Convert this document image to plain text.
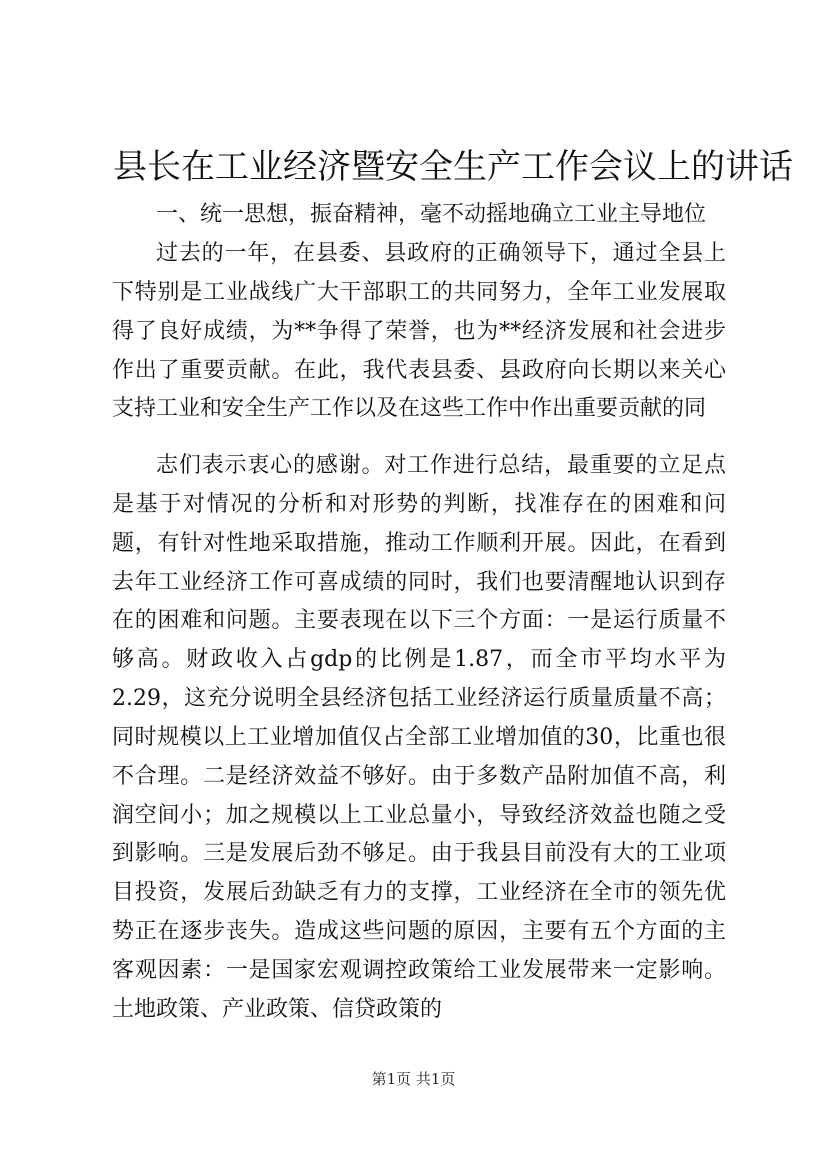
县长在工业经济暨安全生产工作会议上的讲话

一、统一思想，振奋精神，毫不动摇地确立工业主导地位

过去的一年，在县委、县政府的正确领导下，通过全县上下特别是工业战线广大干部职工的共同努力，全年工业发展取得了良好成绩，为**争得了荣誉，也为**经济发展和社会进步作出了重要贡献。在此，我代表县委、县政府向长期以来关心支持工业和安全生产工作以及在这些工作中作出重要贡献的同

志们表示衷心的感谢。对工作进行总结，最重要的立足点是基于对情况的分析和对形势的判断，找准存在的困难和问题，有针对性地采取措施，推动工作顺利开展。因此，在看到去年工业经济工作可喜成绩的同时，我们也要清醒地认识到存在的困难和问题。主要表现在以下三个方面：一是运行质量不够高。财政收入占gdp的比例是1.87，而全市平均水平为2.29，这充分说明全县经济包括工业经济运行质量质量不高；同时规模以上工业增加值仅占全部工业增加值的30，比重也很不合理。二是经济效益不够好。由于多数产品附加值不高，利润空间小；加之规模以上工业总量小，导致经济效益也随之受到影响。三是发展后劲不够足。由于我县目前没有大的工业项目投资，发展后劲缺乏有力的支撑，工业经济在全市的领先优势正在逐步丧失。造成这些问题的原因，主要有五个方面的主客观因素：一是国家宏观调控政策给工业发展带来一定影响。土地政策、产业政策、信贷政策的

第1页 共1页
